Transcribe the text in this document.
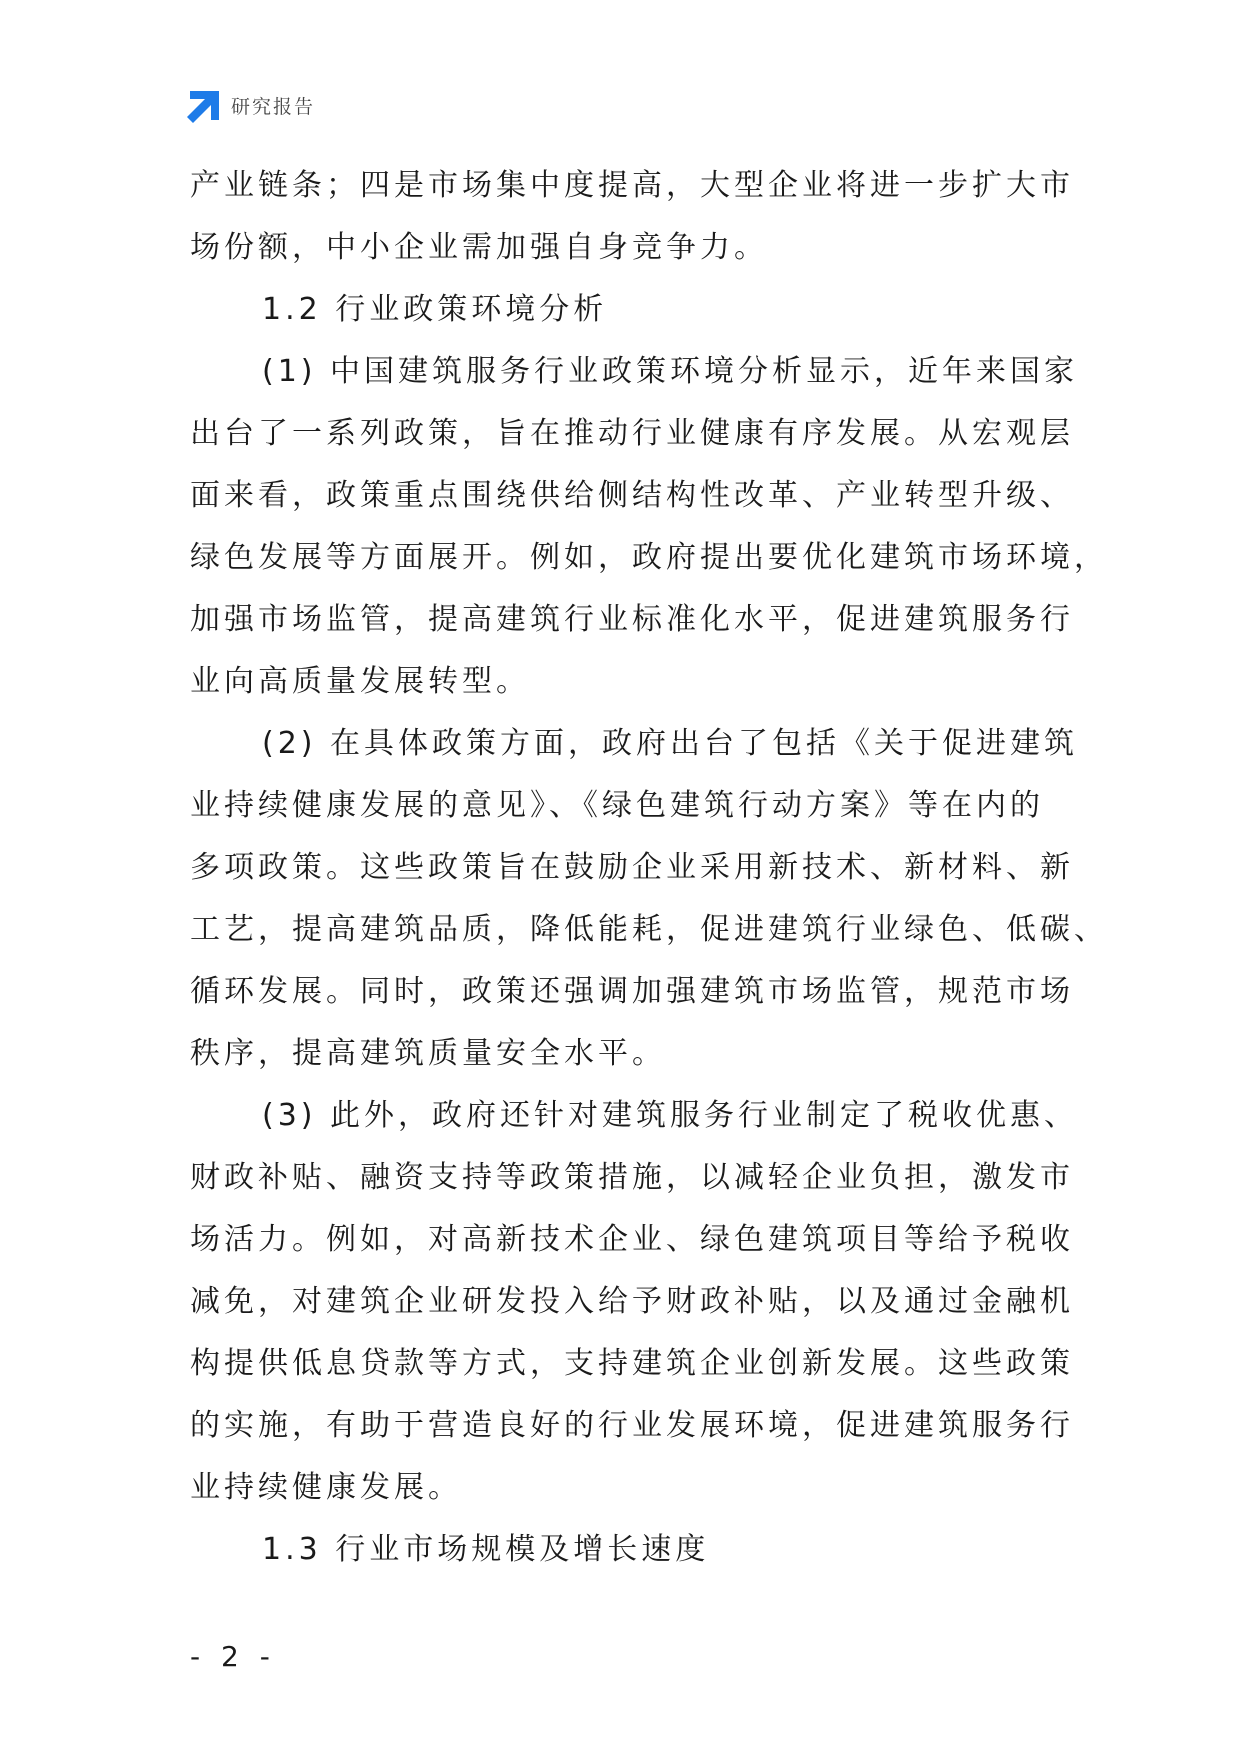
研究报告
产业链条；四是市场集中度提高，大型企业将进一步扩大市
场份额，中小企业需加强自身竞争力。
1.2 行业政策环境分析
(1) 中国建筑服务行业政策环境分析显示，近年来国家
出台了一系列政策，旨在推动行业健康有序发展。从宏观层
面来看，政策重点围绕供给侧结构性改革、产业转型升级、
绿色发展等方面展开。例如，政府提出要优化建筑市场环境，
加强市场监管，提高建筑行业标准化水平，促进建筑服务行
业向高质量发展转型。
(2) 在具体政策方面，政府出台了包括《关于促进建筑
业持续健康发展的意见》、《绿色建筑行动方案》等在内的
多项政策。这些政策旨在鼓励企业采用新技术、新材料、新
工艺，提高建筑品质，降低能耗，促进建筑行业绿色、低碳、
循环发展。同时，政策还强调加强建筑市场监管，规范市场
秩序，提高建筑质量安全水平。
(3) 此外，政府还针对建筑服务行业制定了税收优惠、
财政补贴、融资支持等政策措施，以减轻企业负担，激发市
场活力。例如，对高新技术企业、绿色建筑项目等给予税收
减免，对建筑企业研发投入给予财政补贴，以及通过金融机
构提供低息贷款等方式，支持建筑企业创新发展。这些政策
的实施，有助于营造良好的行业发展环境，促进建筑服务行
业持续健康发展。
1.3 行业市场规模及增长速度
- 2 -
